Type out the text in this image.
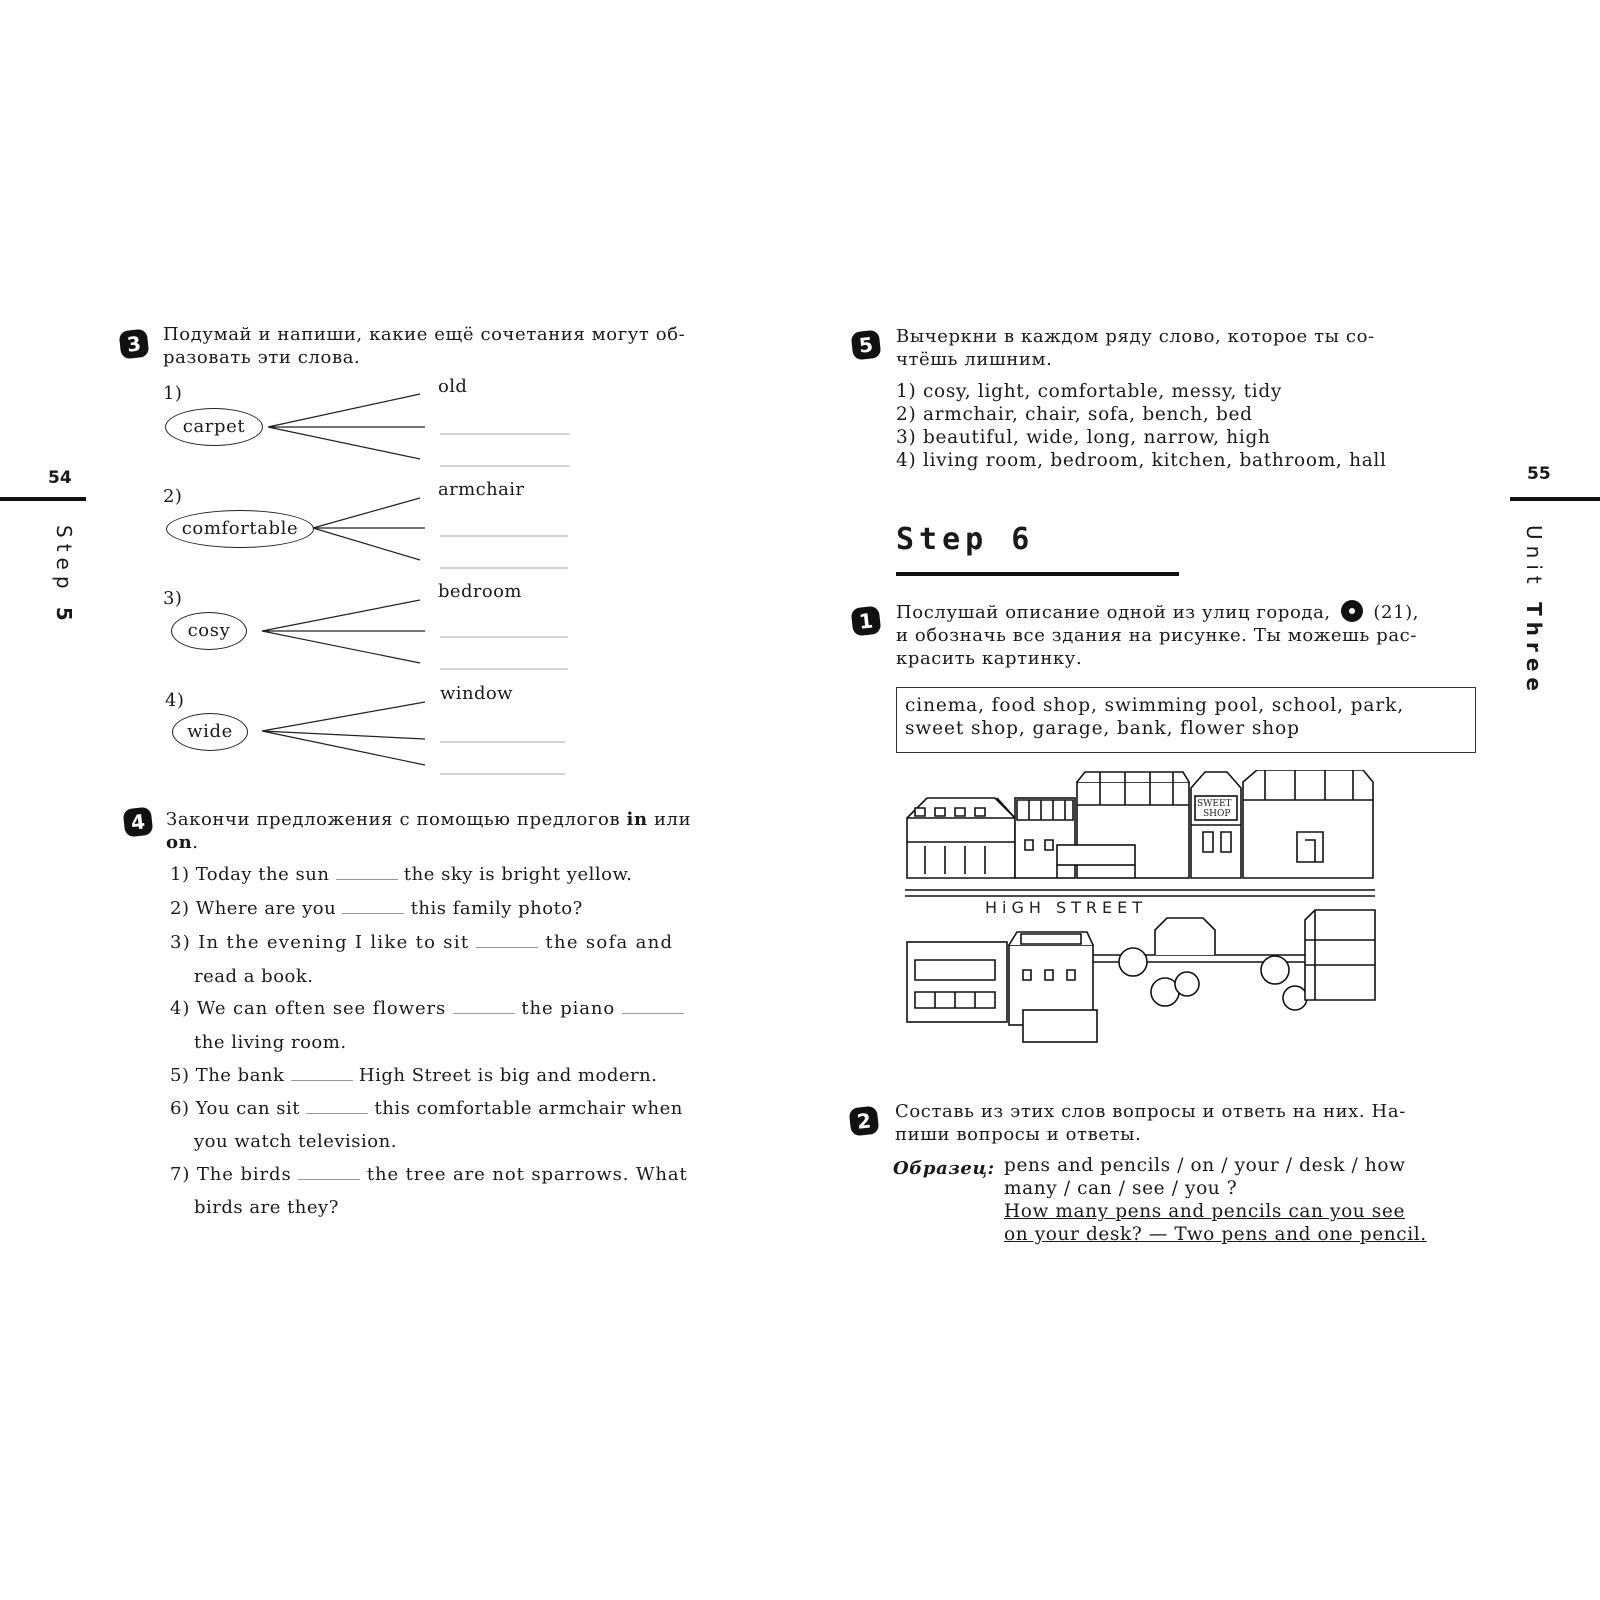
54
Step 5
3	Подумай и напиши, какие ещё сочетания могут об-
разовать эти слова.
1)
carpet
old
2)
comfortable
armchair
3)
cosy
bedroom
4)
wide
window
4	Закончи предложения с помощью предлогов in или
on.
1) Today the sun	the sky is bright yellow.
2) Where are you	this family photo?
3) In the evening I like to sit	the sofa and
read a book.
4) We can often see flowers	the piano
the living room.
5) The bank	High Street is big and modern.
6) You can sit	this comfortable armchair when
you watch television.
7) The birds	the tree are not sparrows. What
birds are they?
55
Unit Three
5	Вычеркни в каждом ряду слово, которое ты со-
чтёшь лишним.
1) cosy, light, comfortable, messy, tidy
2) armchair, chair, sofa, bench, bed
3) beautiful, wide, long, narrow, high
4) living room, bedroom, kitchen, bathroom, hall
Step 6
1	Послушай описание одной из улиц города, (21),
и обозначь все здания на рисунке. Ты можешь рас-
красить картинку.
cinema, food shop, swimming pool, school, park,
sweet shop, garage, bank, flower shop
HiGH STREET
SWEET
SHOP
2	Составь из этих слов вопросы и ответь на них. На-
пиши вопросы и ответы.
Образец: pens and pencils / on / your / desk / how
many / can / see / you ?
How many pens and pencils can you see
on your desk? — Two pens and one pencil.
